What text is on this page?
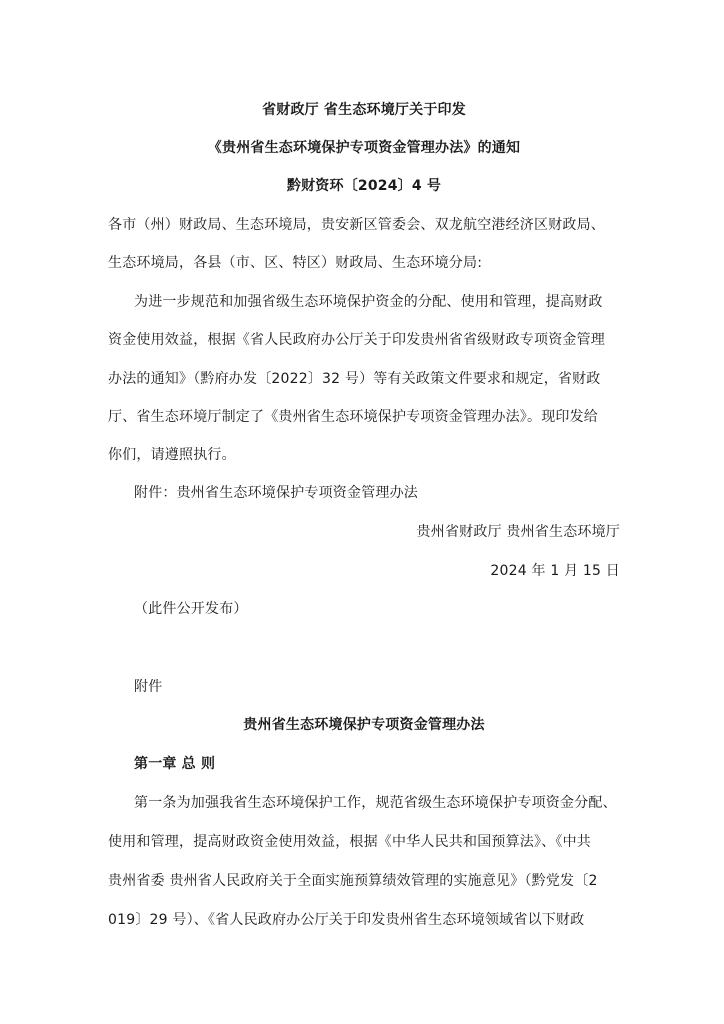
省财政厅 省生态环境厅关于印发
《贵州省生态环境保护专项资金管理办法》的通知
黔财资环〔2024〕4 号
各市（州）财政局、生态环境局，贵安新区管委会、双龙航空港经济区财政局、
生态环境局，各县（市、区、特区）财政局、生态环境分局:
为进一步规范和加强省级生态环境保护资金的分配、使用和管理，提高财政
资金使用效益，根据《省人民政府办公厅关于印发贵州省省级财政专项资金管理
办法的通知》（黔府办发〔2022〕32 号）等有关政策文件要求和规定，省财政
厅、省生态环境厅制定了《贵州省生态环境保护专项资金管理办法》。现印发给
你们，请遵照执行。
附件：贵州省生态环境保护专项资金管理办法
贵州省财政厅 贵州省生态环境厅
2024 年 1 月 15 日
（此件公开发布）
附件
贵州省生态环境保护专项资金管理办法
第一章 总 则
第一条为加强我省生态环境保护工作，规范省级生态环境保护专项资金分配、
使用和管理，提高财政资金使用效益，根据《中华人民共和国预算法》、《中共
贵州省委 贵州省人民政府关于全面实施预算绩效管理的实施意见》（黔党发〔2
019〕29 号）、《省人民政府办公厅关于印发贵州省生态环境领域省以下财政
